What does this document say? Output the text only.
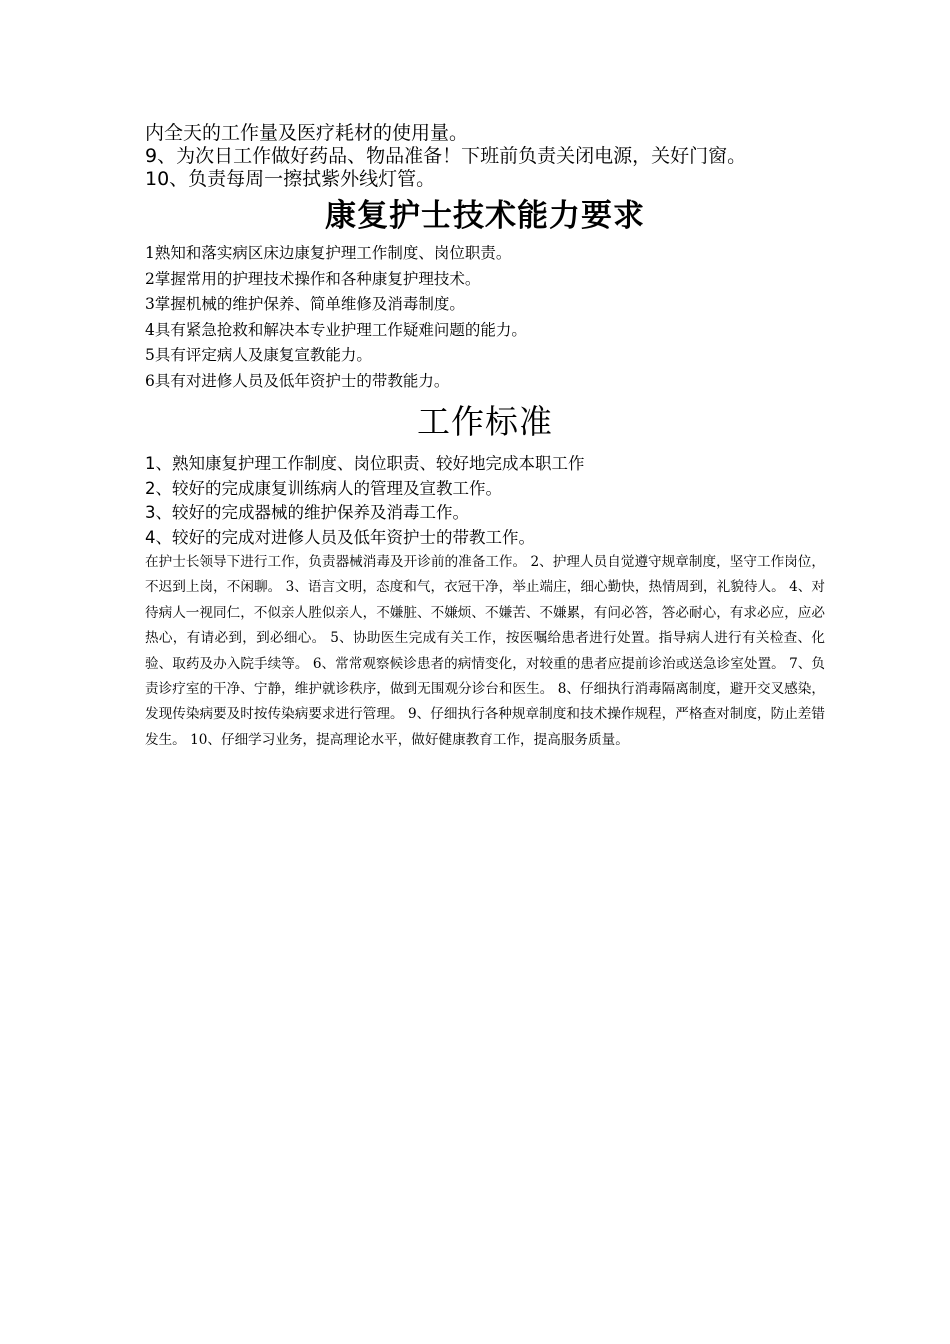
内全天的工作量及医疗耗材的使用量。

9、为次日工作做好药品、物品准备！下班前负责关闭电源，关好门窗。

10、负责每周一擦拭紫外线灯管。

康复护士技术能力要求
1熟知和落实病区床边康复护理工作制度、岗位职责。
2掌握常用的护理技术操作和各种康复护理技术。
3掌握机械的维护保养、简单维修及消毒制度。
4具有紧急抢救和解决本专业护理工作疑难问题的能力。
5具有评定病人及康复宣教能力。
6具有对进修人员及低年资护士的带教能力。
工作标准
1、熟知康复护理工作制度、岗位职责、较好地完成本职工作
2、较好的完成康复训练病人的管理及宣教工作。
3、较好的完成器械的维护保养及消毒工作。
4、较好的完成对进修人员及低年资护士的带教工作。

在护士长领导下进行工作，负责器械消毒及开诊前的准备工作。 2、护理人员自觉遵守规章制度，坚守工作岗位，不迟到上岗，不闲聊。 3、语言文明，态度和气，衣冠干净，举止端庄，细心勤快，热情周到，礼貌待人。 4、对待病人一视同仁，不似亲人胜似亲人，不嫌脏、不嫌烦、不嫌苦、不嫌累，有问必答，答必耐心，有求必应，应必热心，有请必到，到必细心。 5、协助医生完成有关工作，按医嘱给患者进行处置。指导病人进行有关检查、化验、取药及办入院手续等。 6、常常观察候诊患者的病情变化，对较重的患者应提前诊治或送急诊室处置。 7、负责诊疗室的干净、宁静，维护就诊秩序，做到无围观分诊台和医生。 8、仔细执行消毒隔离制度，避开交叉感染，发现传染病要及时按传染病要求进行管理。 9、仔细执行各种规章制度和技术操作规程，严格查对制度，防止差错发生。 10、仔细学习业务，提高理论水平，做好健康教育工作，提高服务质量。
